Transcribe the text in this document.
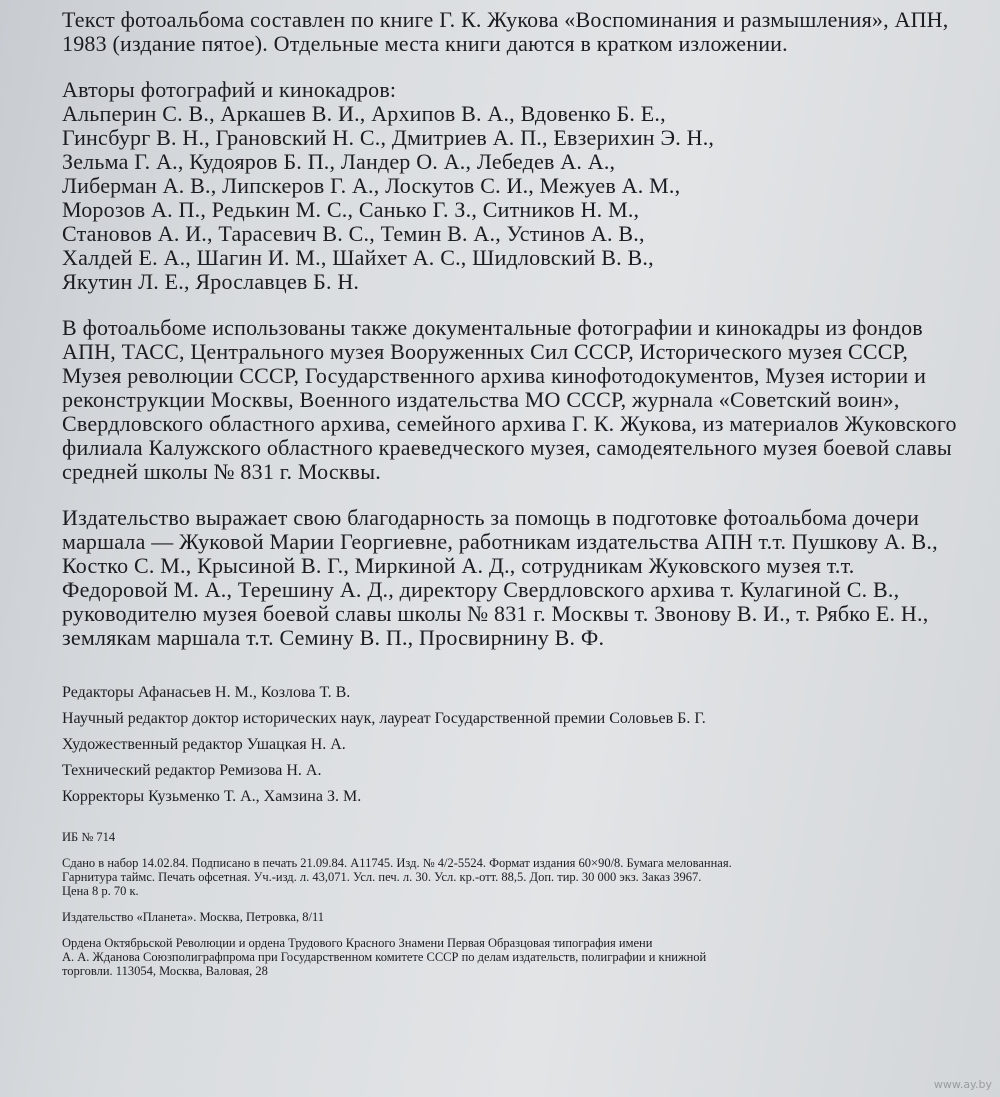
Текст фотоальбома составлен по книге Г. К. Жукова «Воспоминания и размышления», АПН, 1983 (издание пятое). Отдельные места книги даются в кратком изложении.

Авторы фотографий и кинокадров:
Альперин С. В., Аркашев В. И., Архипов В. А., Вдовенко Б. Е.,
Гинсбург В. Н., Грановский Н. С., Дмитриев А. П., Евзерихин Э. Н.,
Зельма Г. А., Кудояров Б. П., Ландер О. А., Лебедев А. А.,
Либерман А. В., Липскеров Г. А., Лоскутов С. И., Межуев А. М.,
Морозов А. П., Редькин М. С., Санько Г. З., Ситников Н. М.,
Становов А. И., Тарасевич В. С., Темин В. А., Устинов А. В.,
Халдей Е. А., Шагин И. М., Шайхет А. С., Шидловский В. В.,
Якутин Л. Е., Ярославцев Б. Н.

В фотоальбоме использованы также документальные фотографии и кинокадры из фондов АПН, ТАСС, Центрального музея Вооруженных Сил СССР, Исторического музея СССР, Музея революции СССР, Государственного архива кинофотодокументов, Музея истории и реконструкции Москвы, Военного издательства МО СССР, журнала «Советский воин», Свердловского областного архива, семейного архива Г. К. Жукова, из материалов Жуковского филиала Калужского областного краеведческого музея, самодеятельного музея боевой славы средней школы № 831 г. Москвы.

Издательство выражает свою благодарность за помощь в подготовке фотоальбома дочери маршала — Жуковой Марии Георгиевне, работникам издательства АПН т.т. Пушкову А. В., Костко С. М., Крысиной В. Г., Миркиной А. Д., сотрудникам Жуковского музея т.т. Федоровой М. А., Терешину А. Д., директору Свердловского архива т. Кулагиной С. В., руководителю музея боевой славы школы № 831 г. Москвы т. Звонову В. И., т. Рябко Е. Н., землякам маршала т.т. Семину В. П., Просвирнину В. Ф.

Редакторы Афанасьев Н. М., Козлова Т. В.
Научный редактор доктор исторических наук, лауреат Государственной премии Соловьев Б. Г.
Художественный редактор Ушацкая Н. А.
Технический редактор Ремизова Н. А.
Корректоры Кузьменко Т. А., Хамзина З. М.
ИБ № 714
Сдано в набор 14.02.84. Подписано в печать 21.09.84. А11745. Изд. № 4/2-5524. Формат издания 60×90/8. Бумага мелованная.
Гарнитура таймс. Печать офсетная. Уч.-изд. л. 43,071. Усл. печ. л. 30. Усл. кр.-отт. 88,5. Доп. тир. 30 000 экз. Заказ 3967.
Цена 8 р. 70 к.
Издательство «Планета». Москва, Петровка, 8/11
Ордена Октябрьской Революции и ордена Трудового Красного Знамени Первая Образцовая типография имени
А. А. Жданова Союзполиграфпрома при Государственном комитете СССР по делам издательств, полиграфии и книжной
торговли. 113054, Москва, Валовая, 28
www.ay.by
